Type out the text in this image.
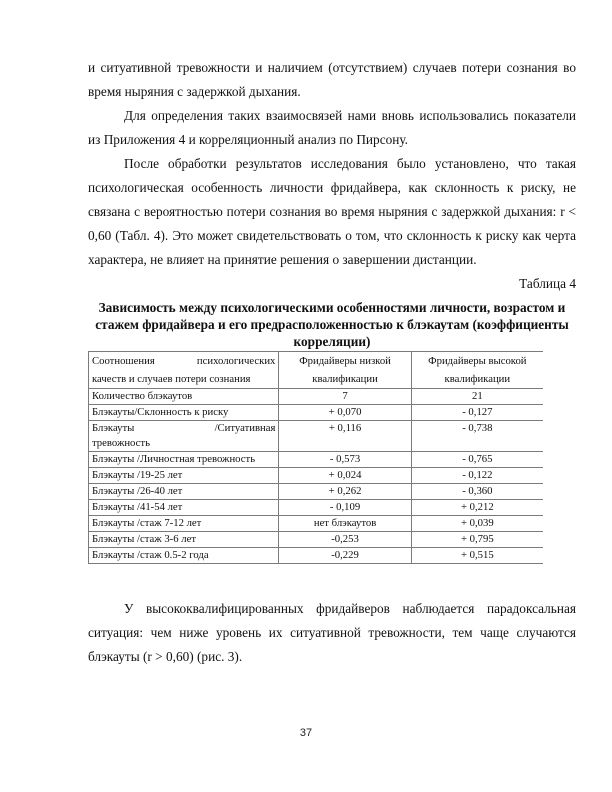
и ситуативной тревожности и наличием (отсутствием) случаев потери сознания во время ныряния с задержкой дыхания.

Для определения таких взаимосвязей нами вновь использовались показатели из Приложения 4 и корреляционный анализ по Пирсону.

После обработки результатов исследования было установлено, что такая психологическая особенность личности фридайвера, как склонность к риску, не связана с вероятностью потери сознания во время ныряния с задержкой дыхания: r < 0,60 (Табл. 4). Это может свидетельствовать о том, что склонность к риску как черта характера, не влияет на принятие решения о завершении дистанции.

Таблица 4

Зависимость между психологическими особенностями личности, возрастом и стажем фридайвера и его предрасположенностью к блэкаутам (коэффициенты корреляции)

Соотношения психологических
качеств и случаев потери сознания	Фридайверы низкой квалификации	Фридайверы высокой квалификации
Количество блэкаутов	7	21
Блэкауты/Склонность к риску	+ 0,070	- 0,127

Блэкауты /Ситуативная
тревожность	+ 0,116	- 0,738
Блэкауты /Личностная тревожность	- 0,573	- 0,765
Блэкауты /19-25 лет	+ 0,024	- 0,122
Блэкауты /26-40 лет	+ 0,262	- 0,360
Блэкауты /41-54 лет	- 0,109	+ 0,212
Блэкауты /стаж 7-12 лет	нет блэкаутов	+ 0,039
Блэкауты /стаж 3-6 лет	-0,253	+ 0,795
Блэкауты /стаж 0.5-2 года	-0,229	+ 0,515

У высококвалифицированных фридайверов наблюдается парадоксальная ситуация: чем ниже уровень их ситуативной тревожности, тем чаще случаются блэкауты (r > 0,60) (рис. 3).

37
